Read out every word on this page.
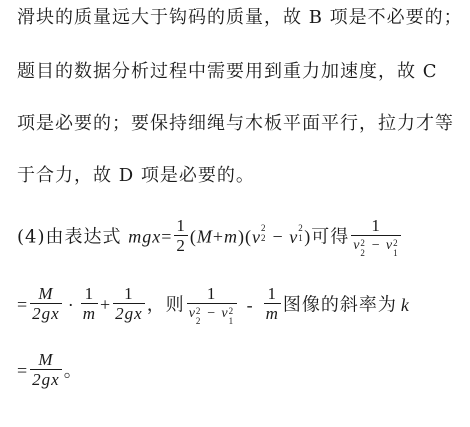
滑块的质量远大于钩码的质量，故 B 项是不必要的；
题目的数据分析过程中需要用到重力加速度，故 C
项是必要的；要保持细绳与木板平面平行，拉力才等
于合力，故 D 项是必要的。
(4)由表达式 $mgx= \frac{1}{2} (M+m)(v$ 2
2 − v 2
1 )可得 1
v 2
2 − v 2
1
= $\frac{M}{2gx} \cdot \frac{1}{m} + \frac{1}{2gx}$ ，则 1
v 2
2 − v 2
$1 - \frac{1}{m}$ 图像的斜率为 k
= $\frac{M}{2gx}$ 。
